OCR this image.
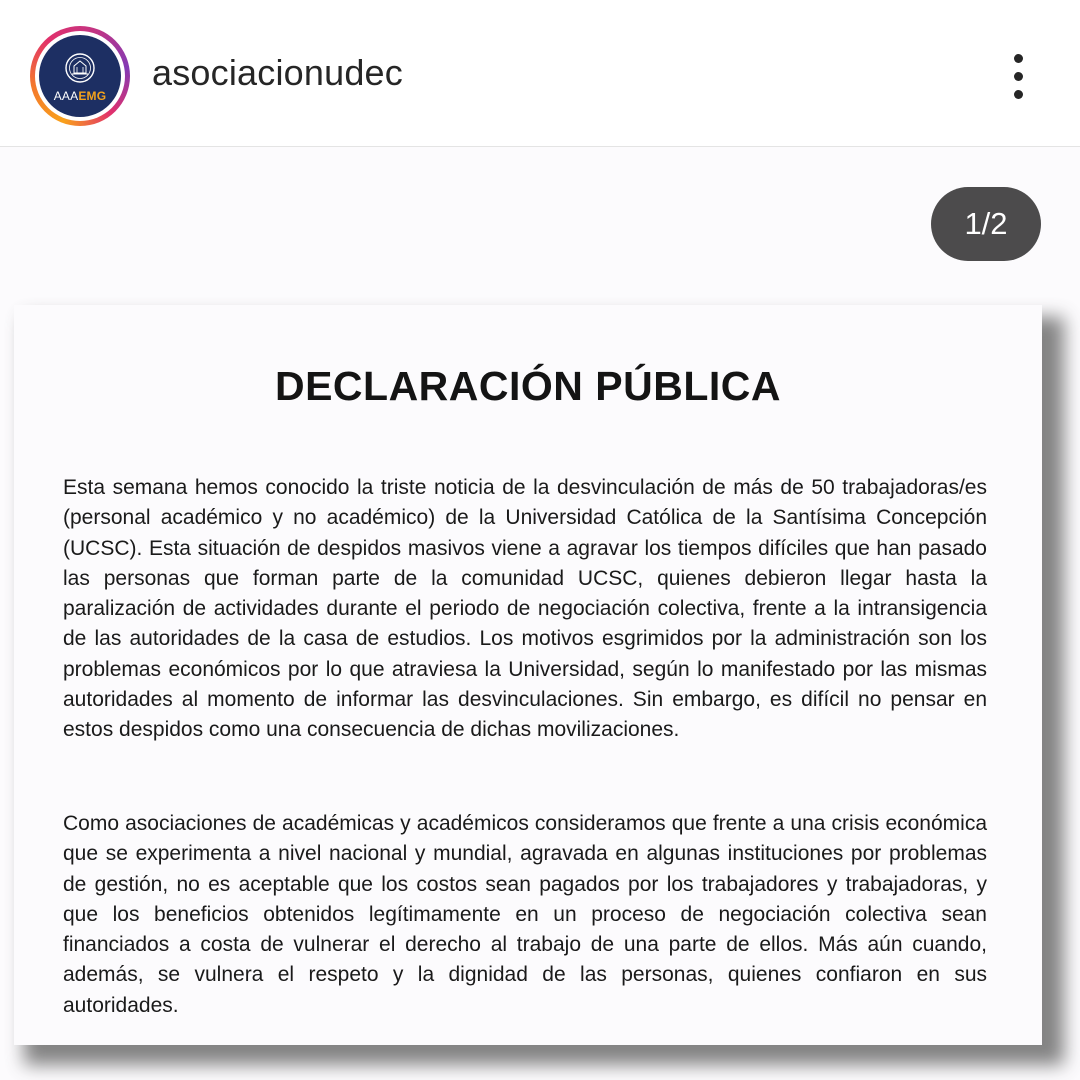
AAAEMG
asociacionudec
1/2
DECLARACIÓN PÚBLICA

Esta semana hemos conocido la triste noticia de la desvinculación de más de 50 trabajadoras/es (personal académico y no académico) de la Universidad Católica de la Santísima Concepción (UCSC). Esta situación de despidos masivos viene a agravar los tiempos difíciles que han pasado las personas que forman parte de la comunidad UCSC, quienes debieron llegar hasta la paralización de actividades durante el periodo de negociación colectiva, frente a la intransigencia de las autoridades de la casa de estudios. Los motivos esgrimidos por la administración son los problemas económicos por lo que atraviesa la Universidad, según lo manifestado por las mismas autoridades al momento de informar las desvinculaciones. Sin embargo, es difícil no pensar en estos despidos como una consecuencia de dichas movilizaciones.

Como asociaciones de académicas y académicos consideramos que frente a una crisis económica que se experimenta a nivel nacional y mundial, agravada en algunas instituciones por problemas de gestión, no es aceptable que los costos sean pagados por los trabajadores y trabajadoras, y que los beneficios obtenidos legítimamente en un proceso de negociación colectiva sean financiados a costa de vulnerar el derecho al trabajo de una parte de ellos. Más aún cuando, además, se vulnera el respeto y la dignidad de las personas, quienes confiaron en sus autoridades.
